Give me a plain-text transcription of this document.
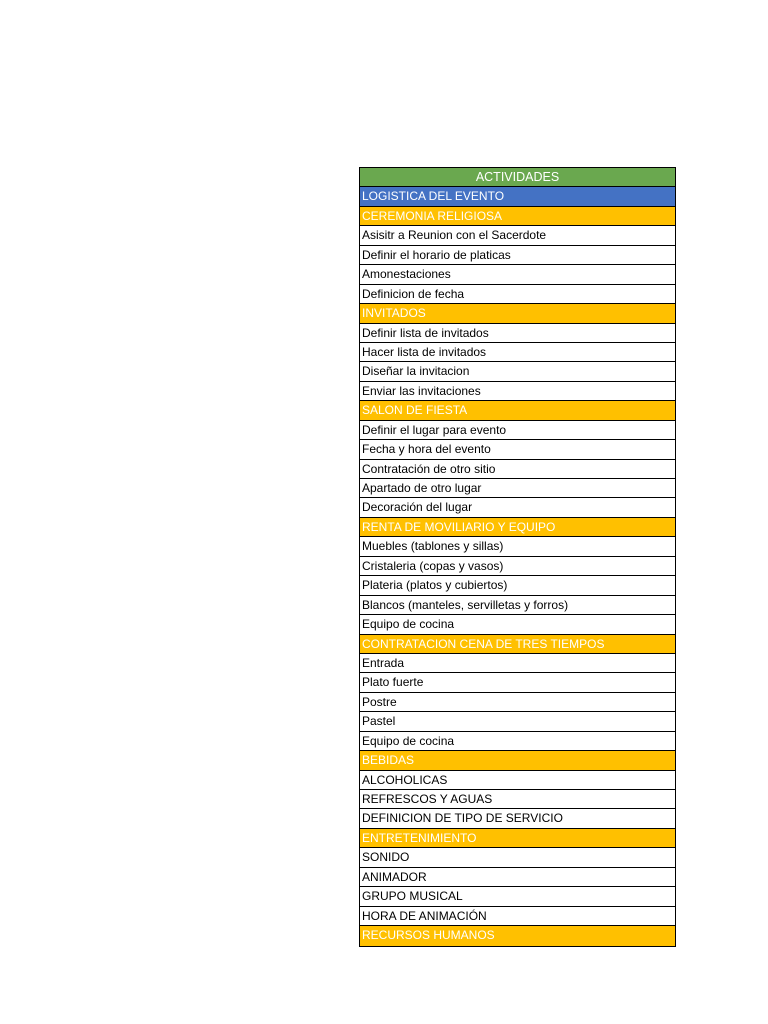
ACTIVIDADES
LOGISTICA DEL EVENTO
CEREMONIA RELIGIOSA
Asisitr a Reunion con el Sacerdote
Definir el horario de platicas
Amonestaciones
Definicion de fecha
INVITADOS
Definir lista de invitados
Hacer lista de invitados
Diseñar la invitacion
Enviar las invitaciones
SALON DE FIESTA
Definir el lugar para evento
Fecha y hora del evento
Contratación de otro sitio
Apartado de otro lugar
Decoración del lugar
RENTA DE MOVILIARIO Y EQUIPO
Muebles (tablones y sillas)
Cristaleria (copas y vasos)
Plateria (platos y cubiertos)
Blancos (manteles, servilletas y forros)
Equipo de cocina
CONTRATACION CENA DE TRES TIEMPOS
Entrada
Plato fuerte
Postre
Pastel
Equipo de cocina
BEBIDAS
ALCOHOLICAS
REFRESCOS Y AGUAS
DEFINICION DE TIPO DE SERVICIO
ENTRETENIMIENTO
SONIDO
ANIMADOR
GRUPO MUSICAL
HORA DE ANIMACIÓN
RECURSOS HUMANOS
